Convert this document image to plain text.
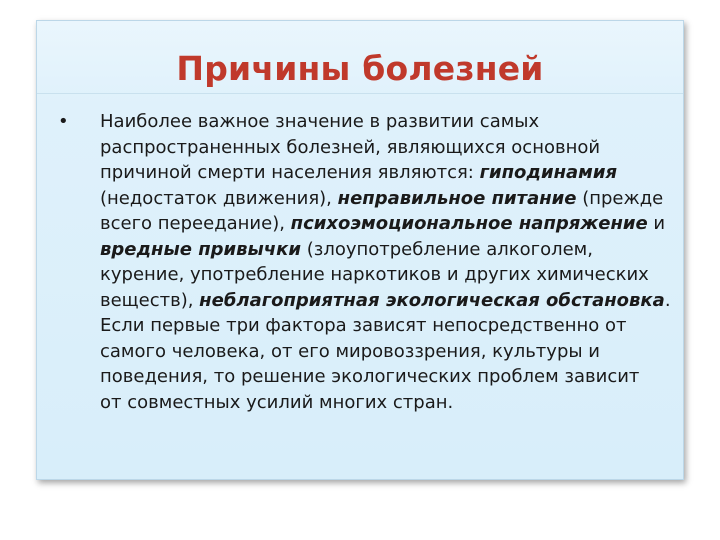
Причины болезней
• Наиболее важное значение в развитии самых
распространенных болезней, являющихся основной
причиной смерти населения являются: гиподинамия
(недостаток движения), неправильное питание (прежде
всего переедание), психоэмоциональное напряжение и
вредные привычки (злоупотребление алкоголем,
курение, употребление наркотиков и других химических
веществ), неблагоприятная экологическая обстановка.
Если первые три фактора зависят непосредственно от
самого человека, от его мировоззрения, культуры и
поведения, то решение экологических проблем зависит
от совместных усилий многих стран.
